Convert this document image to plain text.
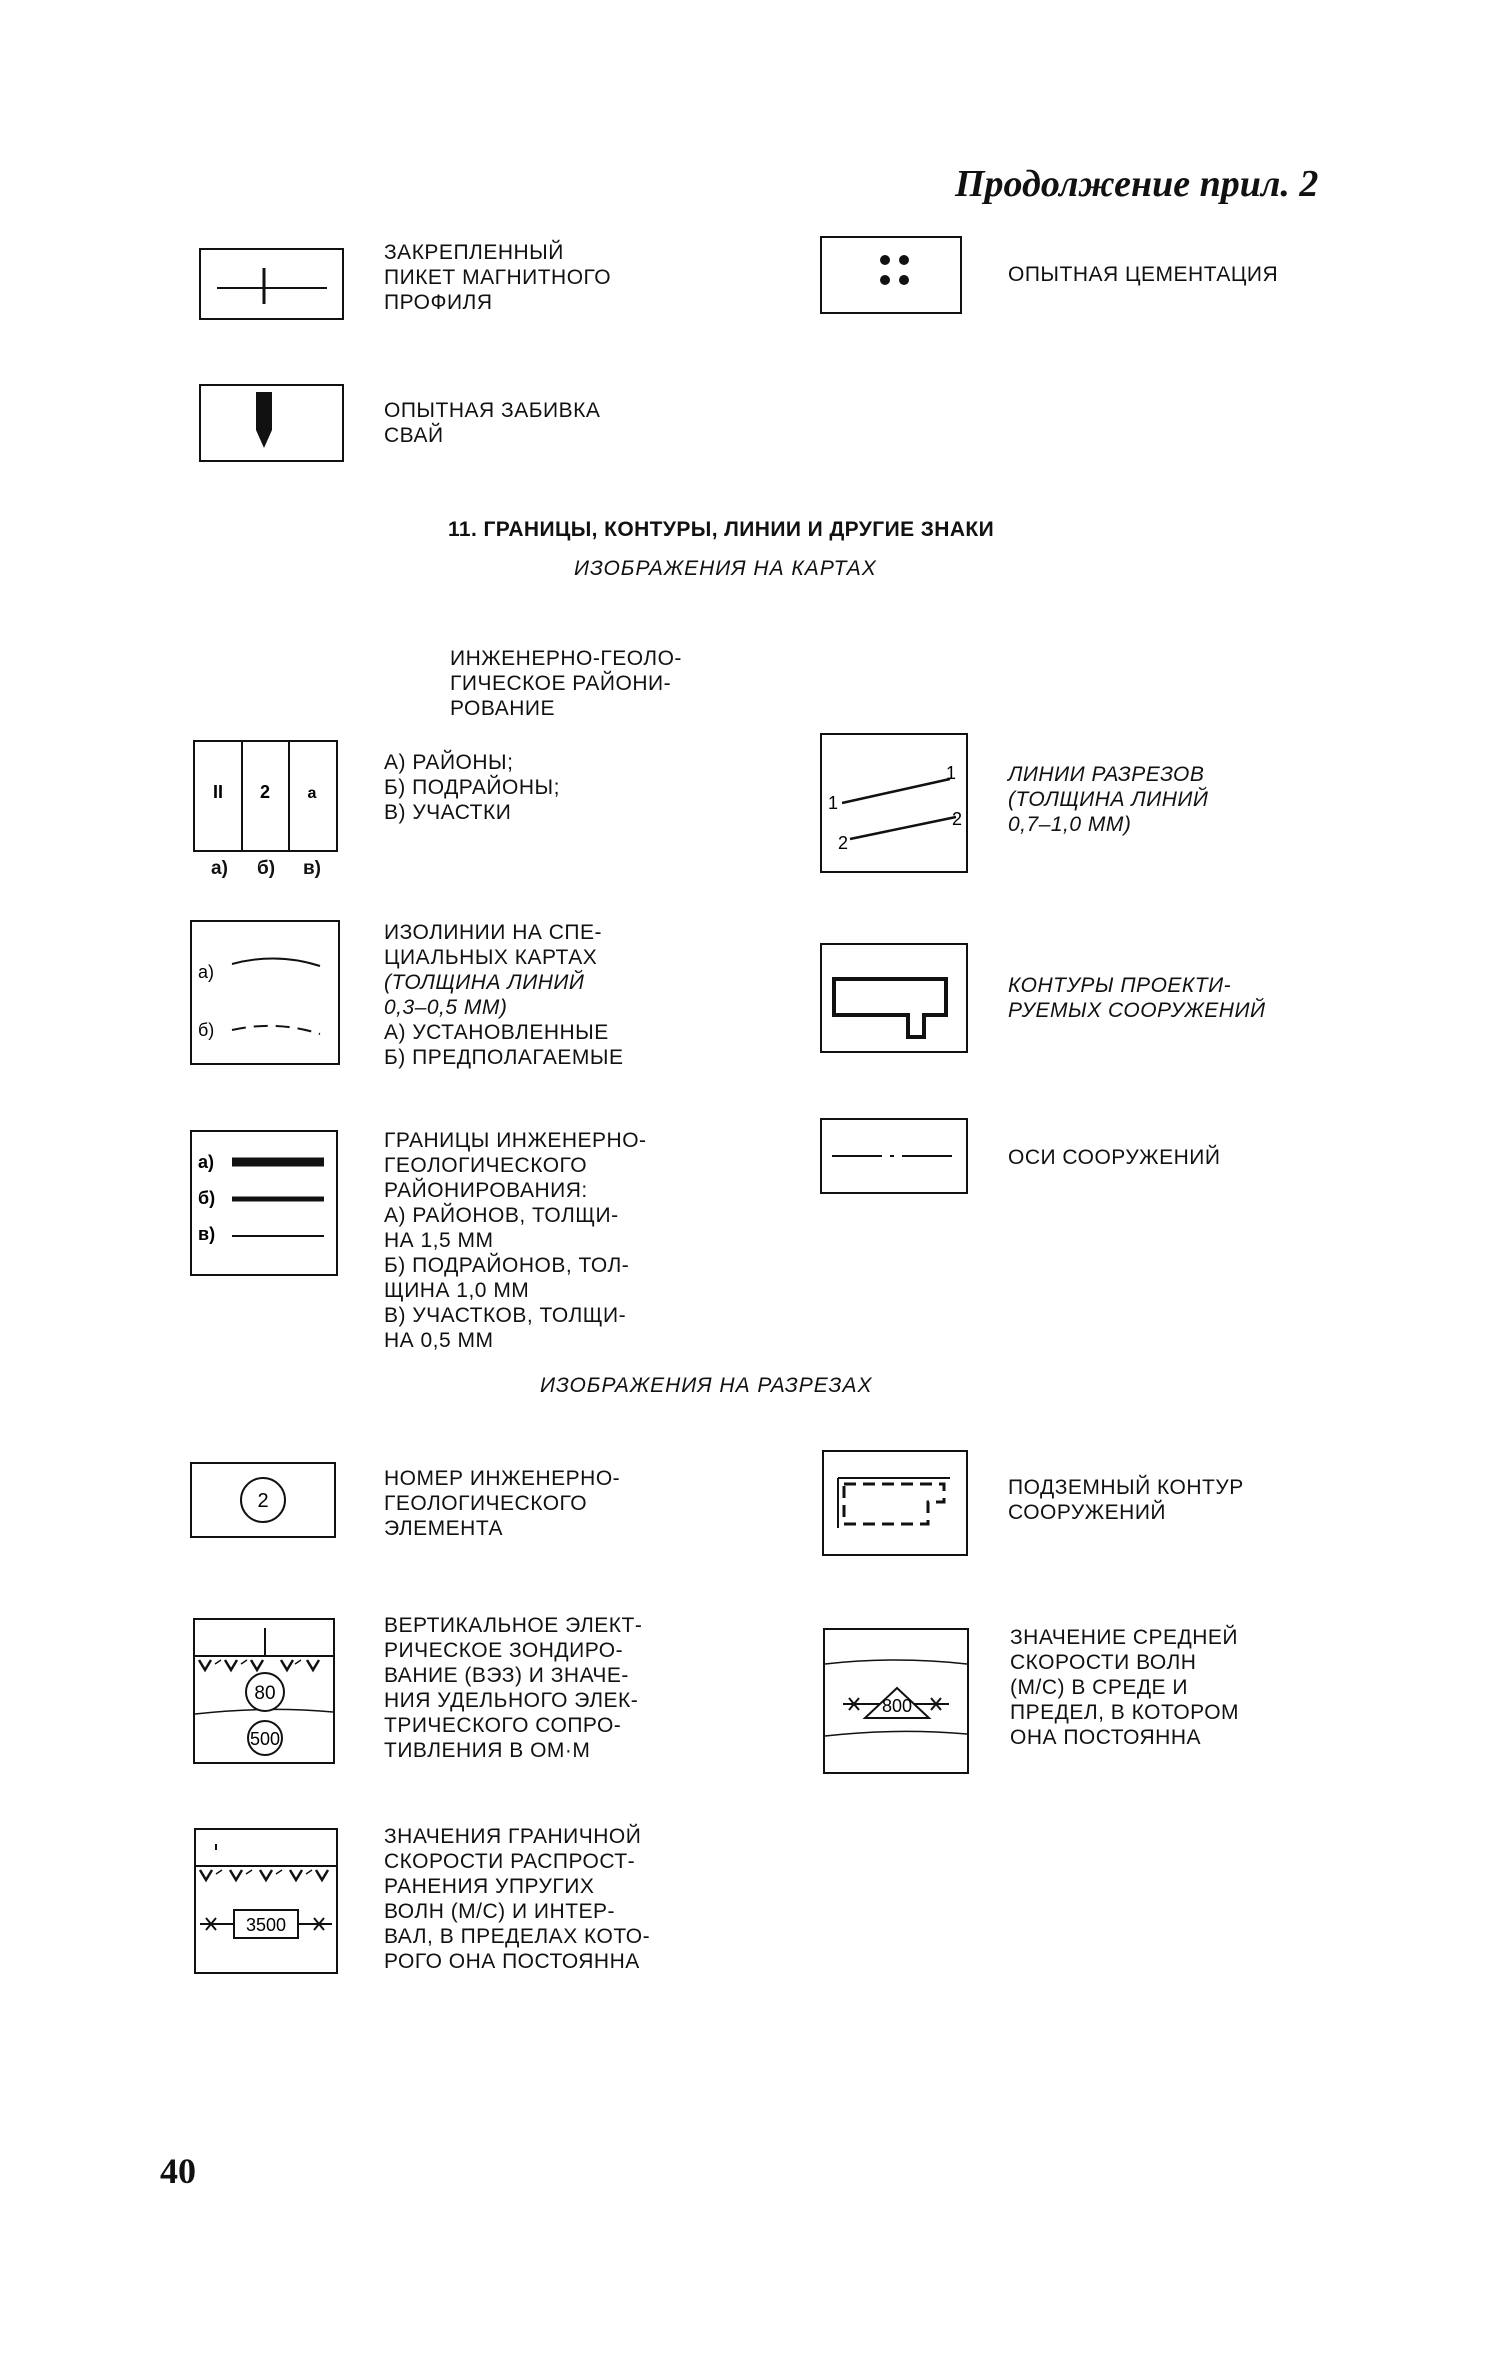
Продолжение прил. 2
ЗАКРЕПЛЕННЫЙ
ПИКЕТ МАГНИТНОГО
ПРОФИЛЯ
ОПЫТНАЯ ЦЕМЕНТАЦИЯ
ОПЫТНАЯ ЗАБИВКА
СВАЙ
11. ГРАНИЦЫ, КОНТУРЫ, ЛИНИИ И ДРУГИЕ ЗНАКИ
ИЗОБРАЖЕНИЯ НА КАРТАХ
ИНЖЕНЕРНО-ГЕОЛО-
ГИЧЕСКОЕ РАЙОНИ-
РОВАНИЕ
II 2 а
а) б) в)
А) РАЙОНЫ;
Б) ПОДРАЙОНЫ;
В) УЧАСТКИ	1
1
2
2
ЛИНИИ РАЗРЕЗОВ
(ТОЛЩИНА ЛИНИЙ
0,7–1,0 ММ)
а)
б)
ИЗОЛИНИИ НА СПЕ-
ЦИАЛЬНЫХ КАРТАХ
(ТОЛЩИНА ЛИНИЙ
0,3–0,5 ММ)
А) УСТАНОВЛЕННЫЕ
Б) ПРЕДПОЛАГАЕМЫЕ
КОНТУРЫ ПРОЕКТИ-
РУЕМЫХ СООРУЖЕНИЙ
а)
б)
в)
ГРАНИЦЫ ИНЖЕНЕРНО-
ГЕОЛОГИЧЕСКОГО
РАЙОНИРОВАНИЯ:
А) РАЙОНОВ, ТОЛЩИ-
НА 1,5 ММ
Б) ПОДРАЙОНОВ, ТОЛ-
ЩИНА 1,0 ММ
В) УЧАСТКОВ, ТОЛЩИ-
НА 0,5 ММ
ОСИ СООРУЖЕНИЙ
ИЗОБРАЖЕНИЯ НА РАЗРЕЗАХ
2
НОМЕР ИНЖЕНЕРНО-
ГЕОЛОГИЧЕСКОГО
ЭЛЕМЕНТА
ПОДЗЕМНЫЙ КОНТУР
СООРУЖЕНИЙ
80
500
ВЕРТИКАЛЬНОЕ ЭЛЕКТ-
РИЧЕСКОЕ ЗОНДИРО-
ВАНИЕ (ВЭЗ) И ЗНАЧЕ-
НИЯ УДЕЛЬНОГО ЭЛЕК-
ТРИЧЕСКОГО СОПРО-
ТИВЛЕНИЯ В ОМ·М
800
ЗНАЧЕНИЕ СРЕДНЕЙ
СКОРОСТИ ВОЛН
(М/С) В СРЕДЕ И
ПРЕДЕЛ, В КОТОРОМ
ОНА ПОСТОЯННА
3500
ЗНАЧЕНИЯ ГРАНИЧНОЙ
СКОРОСТИ РАСПРОСТ-
РАНЕНИЯ УПРУГИХ
ВОЛН (М/С) И ИНТЕР-
ВАЛ, В ПРЕДЕЛАХ КОТО-
РОГО ОНА ПОСТОЯННА
40
